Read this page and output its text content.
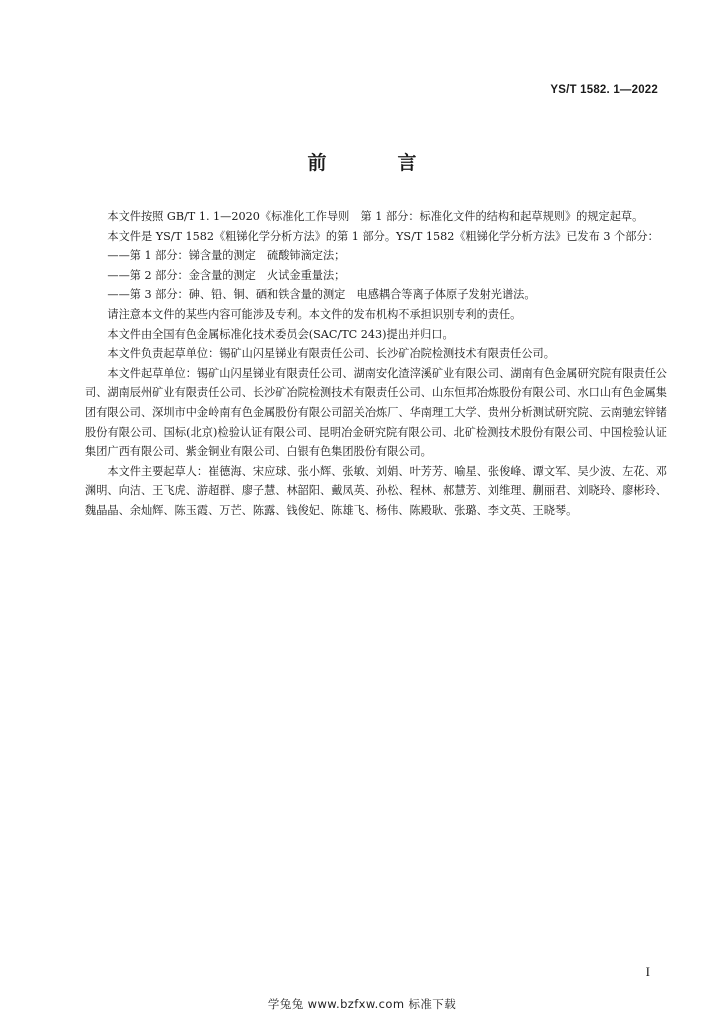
YS/T 1582. 1—2022
前　言

本文件按照 GB/T 1. 1—2020《标准化工作导则　第 1 部分：标准化文件的结构和起草规则》的规定起草。

本文件是 YS/T 1582《粗锑化学分析方法》的第 1 部分。YS/T 1582《粗锑化学分析方法》已发布 3 个部分：

——第 1 部分：锑含量的测定　硫酸铈滴定法；

——第 2 部分：金含量的测定　火试金重量法；

——第 3 部分：砷、铅、铜、硒和铁含量的测定　电感耦合等离子体原子发射光谱法。

请注意本文件的某些内容可能涉及专利。本文件的发布机构不承担识别专利的责任。

本文件由全国有色金属标准化技术委员会(SAC/TC 243)提出并归口。

本文件负责起草单位：锡矿山闪星锑业有限责任公司、长沙矿冶院检测技术有限责任公司。

本文件起草单位：锡矿山闪星锑业有限责任公司、湖南安化渣滓溪矿业有限公司、湖南有色金属研究院有限责任公司、湖南辰州矿业有限责任公司、长沙矿冶院检测技术有限责任公司、山东恒邦冶炼股份有限公司、水口山有色金属集团有限公司、深圳市中金岭南有色金属股份有限公司韶关冶炼厂、华南理工大学、贵州分析测试研究院、云南驰宏锌锗股份有限公司、国标(北京)检验认证有限公司、昆明冶金研究院有限公司、北矿检测技术股份有限公司、中国检验认证集团广西有限公司、紫金铜业有限公司、白银有色集团股份有限公司。

本文件主要起草人：崔德海、宋应球、张小辉、张敏、刘娟、叶芳芳、喻星、张俊峰、谭文军、吴少波、左花、邓渊明、向洁、王飞虎、游超群、廖子慧、林韶阳、戴凤英、孙松、程林、郝慧芳、刘维理、蒯丽君、刘晓玲、廖彬玲、魏晶晶、余灿辉、陈玉霞、万芒、陈露、钱俊妃、陈雄飞、杨伟、陈殿耿、张璐、李文英、王晓琴。

I
学兔兔 www.bzfxw.com 标准下载
